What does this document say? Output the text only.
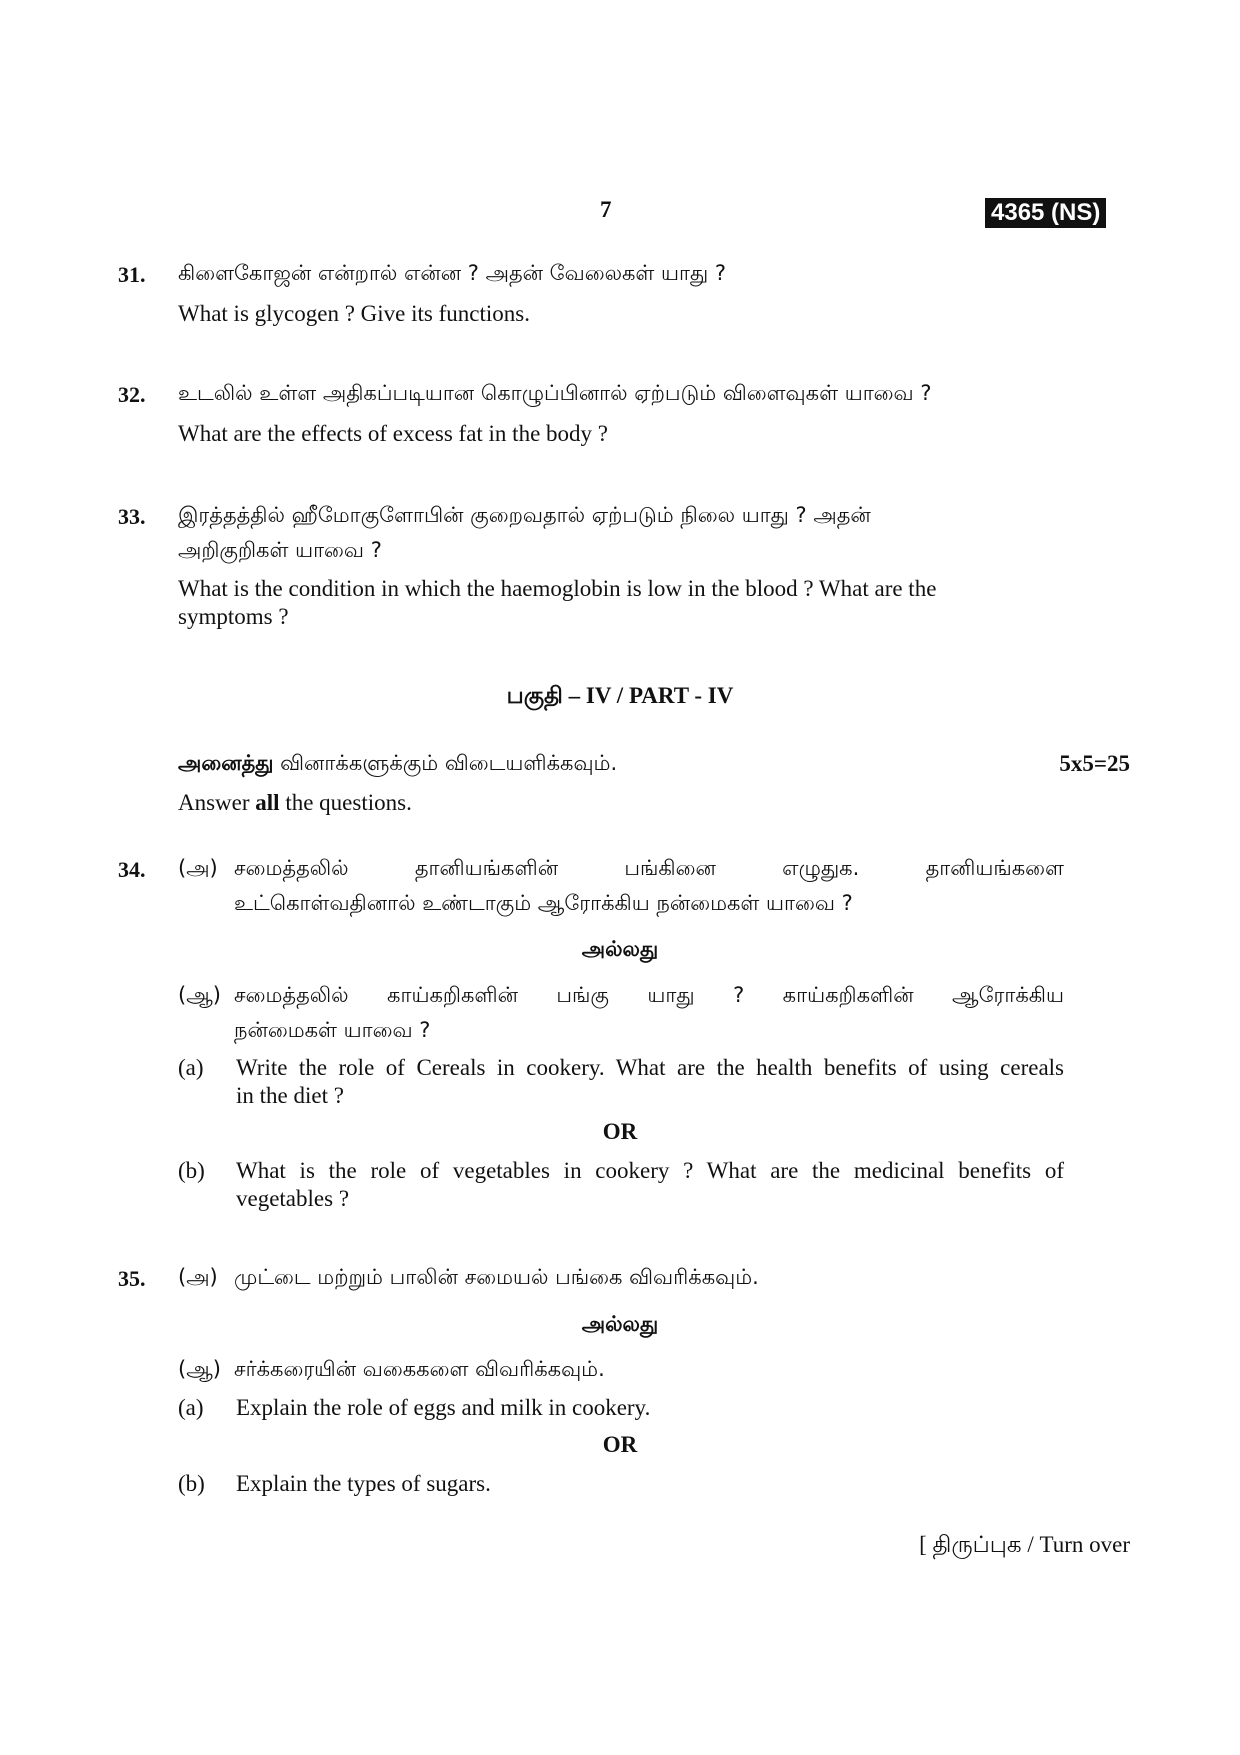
7	4365 (NS)
31. கிளைகோஜன் என்றால் என்ன ? அதன் வேலைகள் யாது ?
What is glycogen ? Give its functions.
32. உடலில் உள்ள அதிகப்படியான கொழுப்பினால் ஏற்படும் விளைவுகள் யாவை ?
What are the effects of excess fat in the body ?
33. இரத்தத்தில் ஹீமோகுளோபின் குறைவதால் ஏற்படும் நிலை யாது ? அதன்
அறிகுறிகள் யாவை ?
What is the condition in which the haemoglobin is low in the blood ? What are the
symptoms ?
பகுதி – IV / PART - IV
அனைத்து வினாக்களுக்கும் விடையளிக்கவும்.	5x5=25
Answer all the questions.
34. (அ) சமைத்தலில் தானியங்களின் பங்கினை எழுதுக. தானியங்களை
உட்கொள்வதினால் உண்டாகும் ஆரோக்கிய நன்மைகள் யாவை ?
அல்லது
(ஆ) சமைத்தலில் காய்கறிகளின் பங்கு யாது ? காய்கறிகளின் ஆரோக்கிய
நன்மைகள் யாவை ?
(a) Write the role of Cereals in cookery. What are the health benefits of using cereals
in the diet ?
OR
(b) What is the role of vegetables in cookery ? What are the medicinal benefits of
vegetables ?
35. (அ) முட்டை மற்றும் பாலின் சமையல் பங்கை விவரிக்கவும்.
அல்லது
(ஆ) சர்க்கரையின் வகைகளை விவரிக்கவும்.
(a) Explain the role of eggs and milk in cookery.
OR
(b) Explain the types of sugars.
[ திருப்புக / Turn over
